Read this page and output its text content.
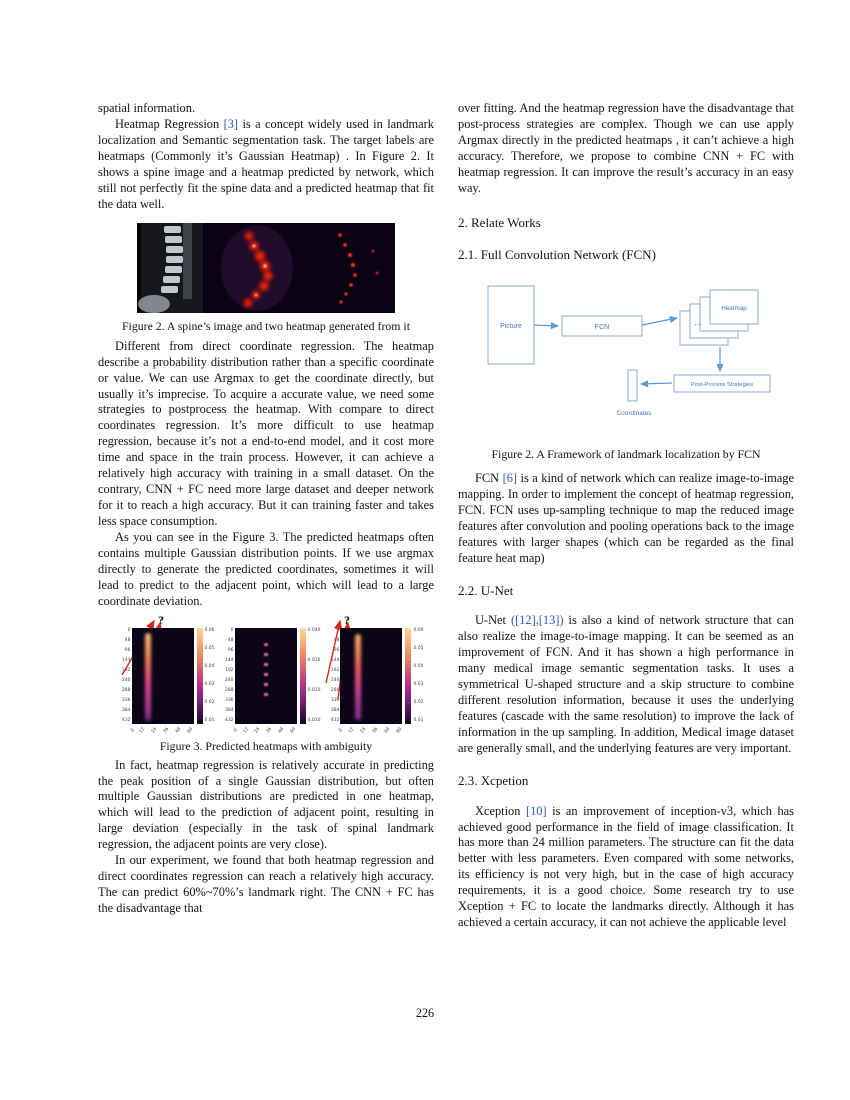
spatial information.

Heatmap Regression [3] is a concept widely used in landmark localization and Semantic segmentation task. The target labels are heatmaps (Commonly it’s Gaussian Heatmap) . In Figure 2. It shows a spine image and a heatmap predicted by network, which still not perfectly fit the spine data and a predicted heatmap that fit the data well.

Figure 2. A spine’s image and two heatmap generated from it

Different from direct coordinate regression. The heatmap describe a probability distribution rather than a specific coordinate or value. We can use Argmax to get the coordinate directly, but usually it’s imprecise. To acquire a accurate value, we need some strategies to postprocess the heatmap. With compare to direct coordinates regression. It’s more difficult to use heatmap regression, because it’s not a end-to-end model, and it cost more time and space in the train process. However, it can achieve a relatively high accuracy with training in a small dataset. On the contrary, CNN + FC need more large dataset and deeper network for it to reach a high accuracy. But it can training faster and takes less space consumption.

As you can see in the Figure 3. The predicted heatmaps often contains multiple Gaussian distribution points. If we use argmax directly to generate the predicted coordinates, sometimes it will lead to predict to the adjacent point, which will lead to a large coordinate deviation.

?	?
0
48
96
144
192
240
288
336
384
432
0 12 24 36 48 60
0.06
0.05
0.04
0.03
0.02
0.01
0
48
96
144
192
240
288
336
384
432
0 12 24 36 48 60
0.040
0.030
0.020
0.010
0
48
96
144
192
240
288
336
384
432
0 12 24 36 48 60
0.06
0.05
0.04
0.03
0.02
0.01
Figure 3. Predicted heatmaps with ambiguity

In fact, heatmap regression is relatively accurate in predicting the peak position of a single Gaussian distribution, but often multiple Gaussian distributions are predicted in one heatmap, which will lead to the prediction of adjacent point, resulting in large deviation (especially in the task of spinal landmark regression, the adjacent points are very close).

In our experiment, we found that both heatmap regression and direct coordinates regression can reach a relatively high accuracy. The can predict 60%~70%’s landmark right. The CNN + FC has the disadvantage that

over fitting. And the heatmap regression have the disadvantage that post-process strategies are complex. Though we can use apply Argmax directly in the predicted heatmaps , it can’t achieve a high accuracy. Therefore, we propose to combine CNN + FC with heatmap regression. It can improve the result’s accuracy in an easy way.

2. Relate Works
2.1. Full Convolution Network (FCN)
Picture	FCN
Heatmap
...
Post-Process Strategies
Coordinates

Figure 2. A Framework of landmark localization by FCN

FCN [6] is a kind of network which can realize image-to-image mapping. In order to implement the concept of heatmap regression, FCN. FCN uses up-sampling technique to map the reduced image features after convolution and pooling operations back to the image features with larger shapes (which can be regarded as the final feature heat map)

2.2. U-Net

U-Net ([12],[13]) is also a kind of network structure that can also realize the image-to-image mapping. It can be seemed as an improvement of FCN. And it has shown a high performance in many medical image semantic segmentation tasks. It uses a symmetrical U-shaped structure and a skip structure to combine different resolution information, because it uses the underlying features (cascade with the same resolution) to improve the lack of information in the up sampling. In addition, Medical image dataset are generally small, and the underlying features are very important.

2.3. Xcpetion

Xception [10] is an improvement of inception-v3, which has achieved good performance in the field of image classification. It has more than 24 million parameters. The structure can fit the data better with less parameters. Even compared with some networks, its efficiency is not very high, but in the case of high accuracy requirements, it is a good choice. Some research try to use Xception + FC to locate the landmarks directly. Although it has achieved a certain accuracy, it can not achieve the applicable level

226
